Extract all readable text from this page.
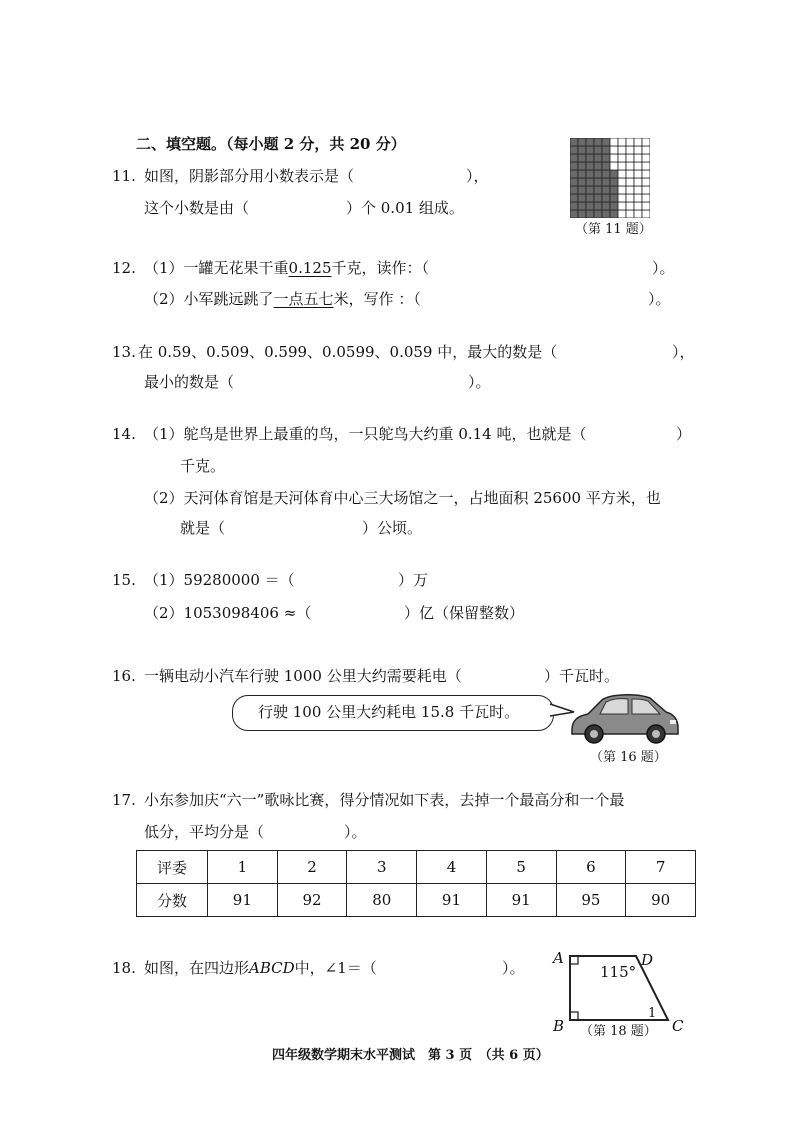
二、填空题。（每小题 2 分，共 20 分）
11. 如图，阴影部分用小数表示是（	），
这个小数是由（	）个 0.01 组成。
（第 11 题）
12. （1）一罐无花果干重0.125千克，读作：（	）。
（2）小军跳远跳了一点五七米，写作 ：（	）。
13. 在 0.59、0.509、0.599、0.0599、0.059 中，最大的数是（	），
最小的数是（	）。
14. （1）鸵鸟是世界上最重的鸟，一只鸵鸟大约重 0.14 吨，也就是（	）
千克。
（2）天河体育馆是天河体育中心三大场馆之一，占地面积 25600 平方米，也
就是（	）公顷。
15. （1）59280000 ＝（	）万
（2）1053098406 ≈（	）亿（保留整数）
16. 一辆电动小汽车行驶 1000 公里大约需要耗电（	）千瓦时。
行驶 100 公里大约耗电 15.8 千瓦时。
（第 16 题）
17. 小东参加庆“六一”歌咏比赛，得分情况如下表，去掉一个最高分和一个最
低分，平均分是（	）。
评委	1	2	3	4	5	6	7
分数	91	92	80	91	91	95	90
18. 如图，在四边形ABCD中，∠1＝（	）。
A	D
B	C
115°
1
（第 18 题）
四年级数学期末水平测试　第 3 页　（共 6 页）
